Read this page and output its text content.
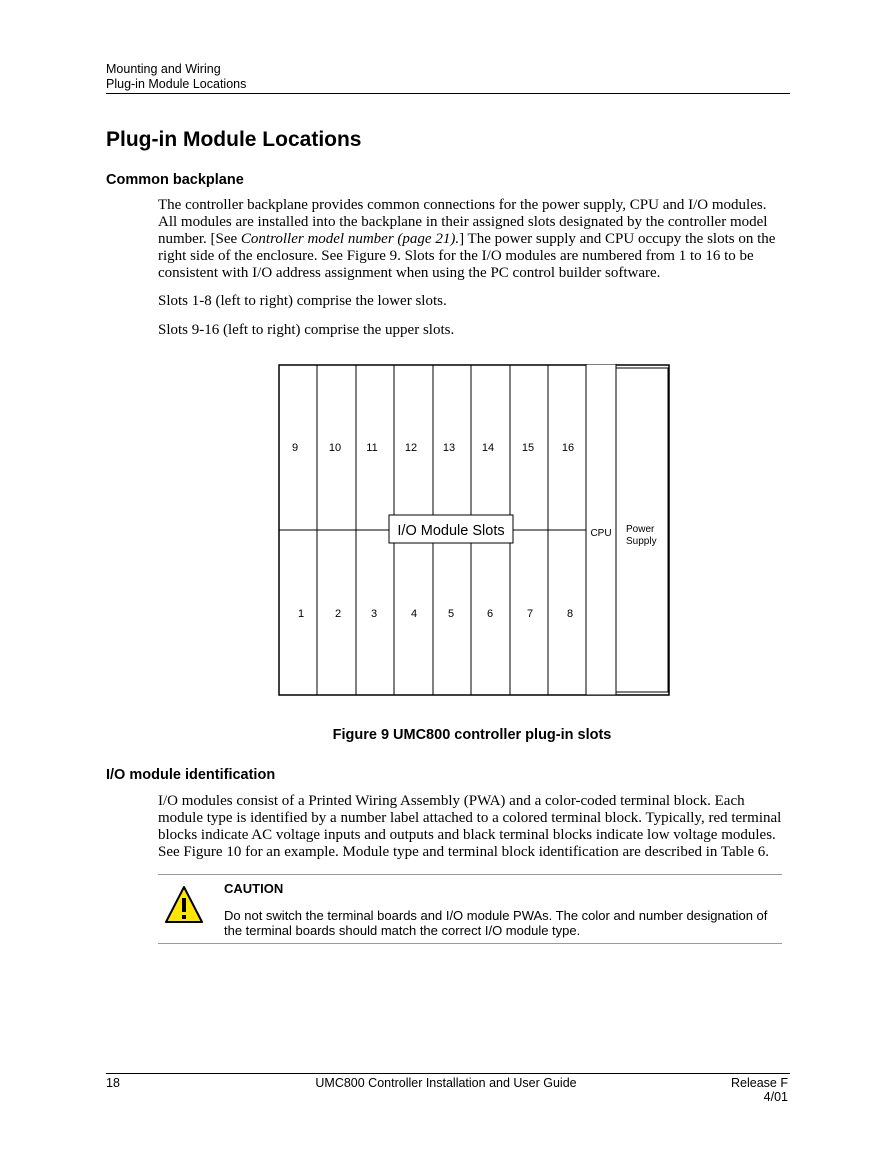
Mounting and Wiring
Plug-in Module Locations
Plug-in Module Locations
Common backplane

The controller backplane provides common connections for the power supply, CPU and I/O modules. All modules are installed into the backplane in their assigned slots designated by the controller model number. [See Controller model number (page 21).] The power supply and CPU occupy the slots on the right side of the enclosure. See Figure 9. Slots for the I/O modules are numbered from 1 to 16 to be consistent with I/O address assignment when using the PC control builder software.

Slots 1-8 (left to right) comprise the lower slots.

Slots 9-16 (left to right) comprise the upper slots.

9	10 11 12 13 14	15	16
1	2	3	4	5	6	7	8
I/O Module Slots	CPU Power
Supply
Figure 9 UMC800 controller plug-in slots
I/O module identification

I/O modules consist of a Printed Wiring Assembly (PWA) and a color-coded terminal block. Each module type is identified by a number label attached to a colored terminal block. Typically, red terminal blocks indicate AC voltage inputs and outputs and black terminal blocks indicate low voltage modules. See Figure 10 for an example. Module type and terminal block identification are described in Table 6.

CAUTION
Do not switch the terminal boards and I/O module PWAs. The color and number designation of the terminal boards should match the correct I/O module type.
18	UMC800 Controller Installation and User Guide	Release F
4/01
